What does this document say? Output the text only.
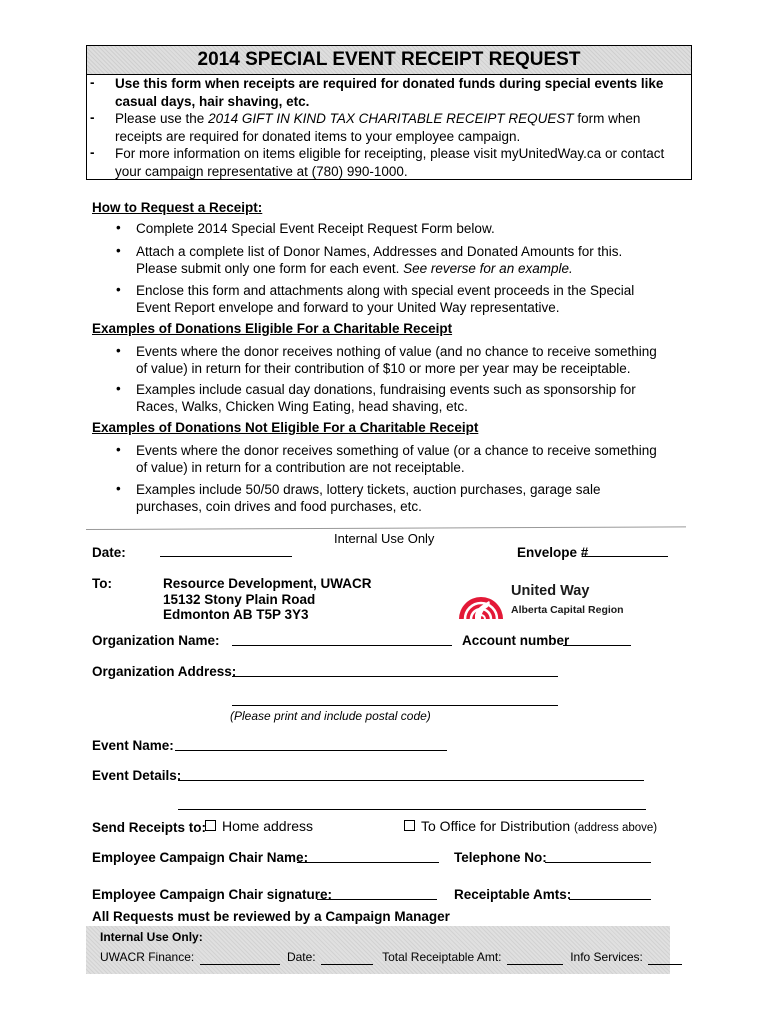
2014 SPECIAL EVENT RECEIPT REQUEST
- Use this form when receipts are required for donated funds during special events like
casual days, hair shaving, etc.
- Please use the 2014 GIFT IN KIND TAX CHARITABLE RECEIPT REQUEST form when
receipts are required for donated items to your employee campaign.
- For more information on items eligible for receipting, please visit myUnitedWay.ca or contact
your campaign representative at (780) 990-1000.
How to Request a Receipt:
• Complete 2014 Special Event Receipt Request Form below.
• Attach a complete list of Donor Names, Addresses and Donated Amounts for this.
Please submit only one form for each event. See reverse for an example.
• Enclose this form and attachments along with special event proceeds in the Special
Event Report envelope and forward to your United Way representative.
Examples of Donations Eligible For a Charitable Receipt
• Events where the donor receives nothing of value (and no chance to receive something
of value) in return for their contribution of $10 or more per year may be receiptable.
• Examples include casual day donations, fundraising events such as sponsorship for
Races, Walks, Chicken Wing Eating, head shaving, etc.
Examples of Donations Not Eligible For a Charitable Receipt
• Events where the donor receives something of value (or a chance to receive something
of value) in return for a contribution are not receiptable.
• Examples include 50/50 draws, lottery tickets, auction purchases, garage sale
purchases, coin drives and food purchases, etc.
Internal Use Only
Date:	Envelope #
To:	Resource Development, UWACR
15132 Stony Plain Road
Edmonton AB T5P 3Y3
United Way
Alberta Capital Region
Organization Name:	Account number
Organization Address:
(Please print and include postal code)
Event Name:
Event Details:
Send Receipts to:	Home address	To Office for Distribution (address above)
Employee Campaign Chair Name:	Telephone No:
Employee Campaign Chair signature:	Receiptable Amts:
All Requests must be reviewed by a Campaign Manager
Internal Use Only:
UWACR Finance:	Date:	Total Receiptable Amt:	Info Services:
